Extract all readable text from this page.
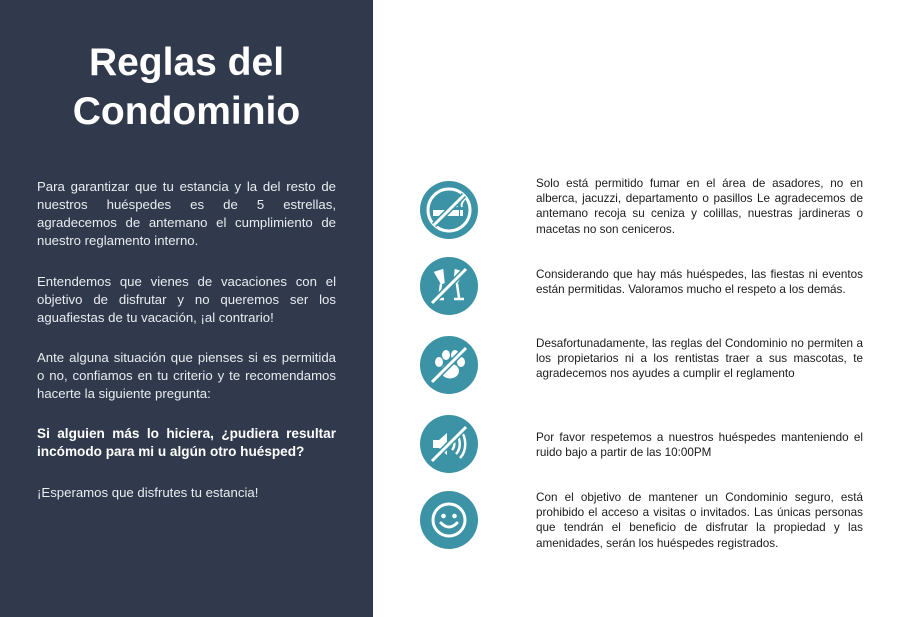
Reglas del
Condominio

Para garantizar que tu estancia y la del resto de nuestros huéspedes es de 5 estrellas, agradecemos de antemano el cumplimiento de nuestro reglamento interno.

Entendemos que vienes de vacaciones con el objetivo de disfrutar y no queremos ser los aguafiestas de tu vacación, ¡al contrario!

Ante alguna situación que pienses si es permitida o no, confiamos en tu criterio y te recomendamos hacerte la siguiente pregunta:

Si alguien más lo hiciera, ¿pudiera resultar incómodo para mi u algún otro huésped?

¡Esperamos que disfrutes tu estancia!

Solo está permitido fumar en el área de asadores, no en alberca, jacuzzi, departamento o pasillos Le agradecemos de antemano recoja su ceniza y colillas, nuestras jardineras o macetas no son ceniceros.

Considerando que hay más huéspedes, las fiestas ni eventos están permitidas. Valoramos mucho el respeto a los demás.

Desafortunadamente, las reglas del Condominio no permiten a los propietarios ni a los rentistas traer a sus mascotas, te agradecemos nos ayudes a cumplir el reglamento

Por favor respetemos a nuestros huéspedes manteniendo el ruido bajo a partir de las 10:00PM

Con el objetivo de mantener un Condominio seguro, está prohibido el acceso a visitas o invitados. Las únicas personas que tendrán el beneficio de disfrutar la propiedad y las amenidades, serán los huéspedes registrados.
